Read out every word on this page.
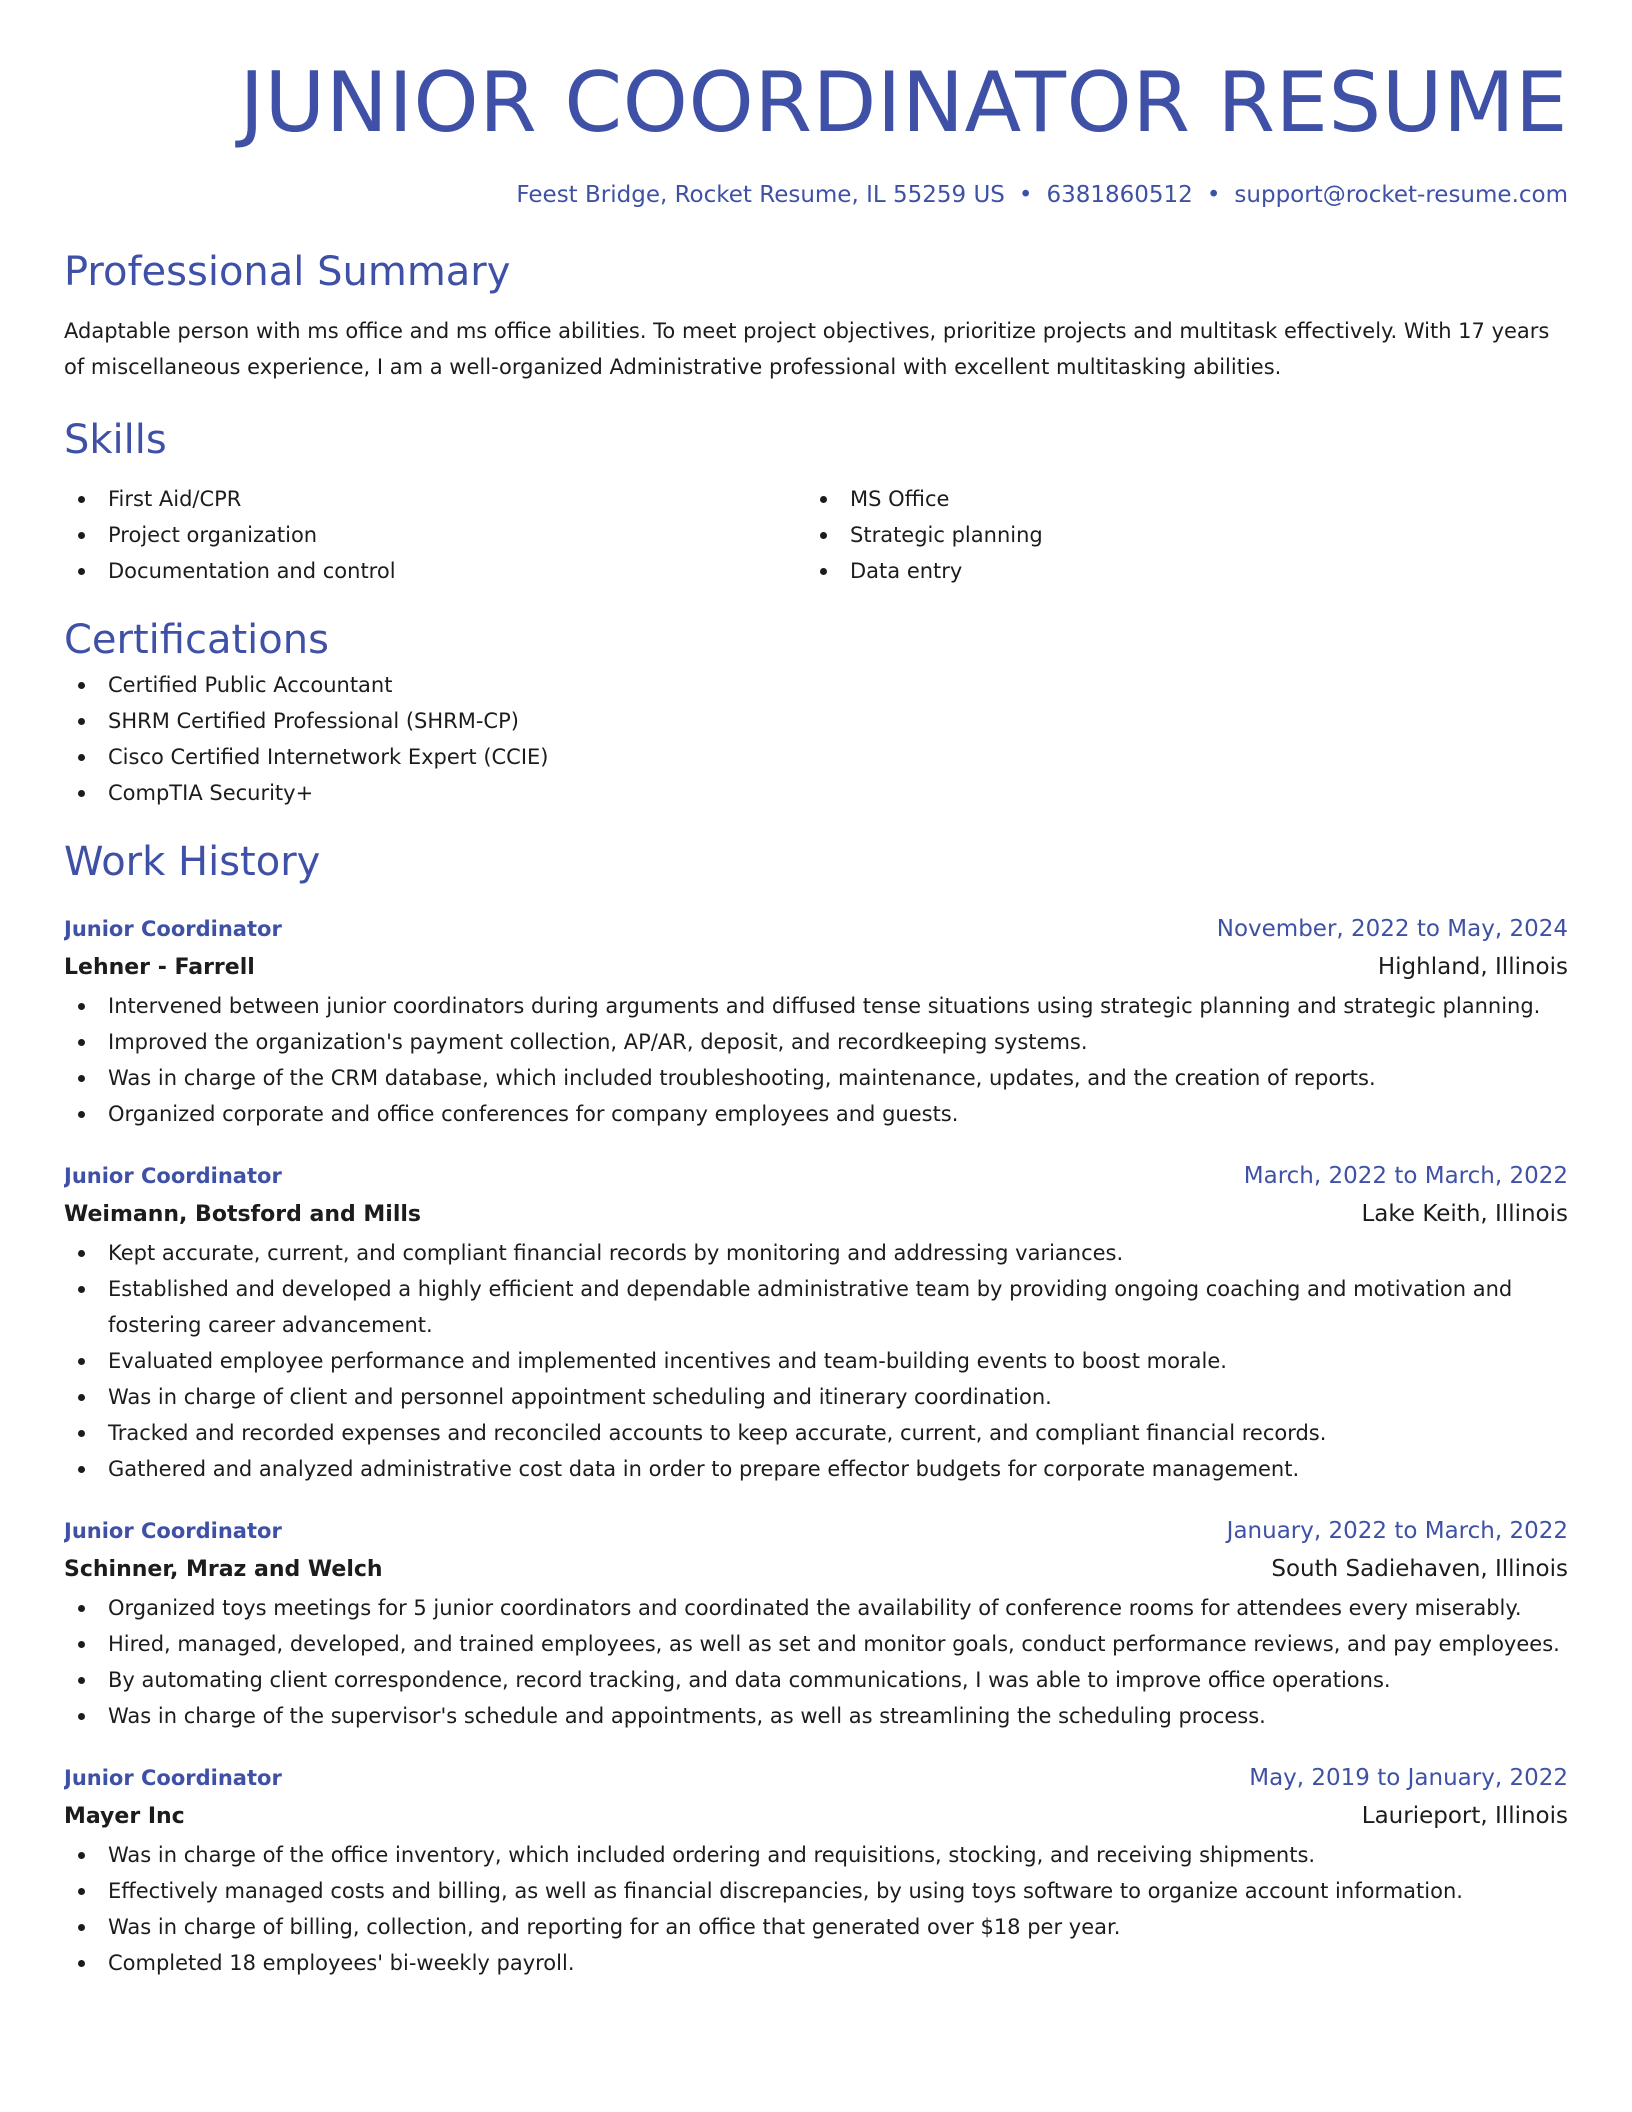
JUNIOR COORDINATOR RESUME
Feest Bridge, Rocket Resume, IL 55259 US • 6381860512 • support@rocket-resume.com
Professional Summary

Adaptable person with ms office and ms office abilities. To meet project objectives, prioritize projects and multitask effectively. With 17 years of miscellaneous experience, I am a well-organized Administrative professional with excellent multitasking abilities.

Skills
First Aid/CPR
Project organization
Documentation and control
MS Office
Strategic planning
Data entry
Certifications
Certified Public Accountant
SHRM Certified Professional (SHRM-CP)
Cisco Certified Internetwork Expert (CCIE)
CompTIA Security+
Work History
Junior Coordinator	November, 2022 to May, 2024
Lehner - Farrell	Highland, Illinois
Intervened between junior coordinators during arguments and diffused tense situations using strategic planning and strategic planning.
Improved the organization's payment collection, AP/AR, deposit, and recordkeeping systems.
Was in charge of the CRM database, which included troubleshooting, maintenance, updates, and the creation of reports.
Organized corporate and office conferences for company employees and guests.
Junior Coordinator	March, 2022 to March, 2022
Weimann, Botsford and Mills	Lake Keith, Illinois
Kept accurate, current, and compliant financial records by monitoring and addressing variances.
Established and developed a highly efficient and dependable administrative team by providing ongoing coaching and motivation and fostering career advancement.
Evaluated employee performance and implemented incentives and team-building events to boost morale.
Was in charge of client and personnel appointment scheduling and itinerary coordination.
Tracked and recorded expenses and reconciled accounts to keep accurate, current, and compliant financial records.
Gathered and analyzed administrative cost data in order to prepare effector budgets for corporate management.
Junior Coordinator	January, 2022 to March, 2022
Schinner, Mraz and Welch	South Sadiehaven, Illinois
Organized toys meetings for 5 junior coordinators and coordinated the availability of conference rooms for attendees every miserably.
Hired, managed, developed, and trained employees, as well as set and monitor goals, conduct performance reviews, and pay employees.
By automating client correspondence, record tracking, and data communications, I was able to improve office operations.
Was in charge of the supervisor's schedule and appointments, as well as streamlining the scheduling process.
Junior Coordinator	May, 2019 to January, 2022
Mayer Inc	Laurieport, Illinois
Was in charge of the office inventory, which included ordering and requisitions, stocking, and receiving shipments.
Effectively managed costs and billing, as well as financial discrepancies, by using toys software to organize account information.
Was in charge of billing, collection, and reporting for an office that generated over $18 per year.
Completed 18 employees' bi-weekly payroll.
